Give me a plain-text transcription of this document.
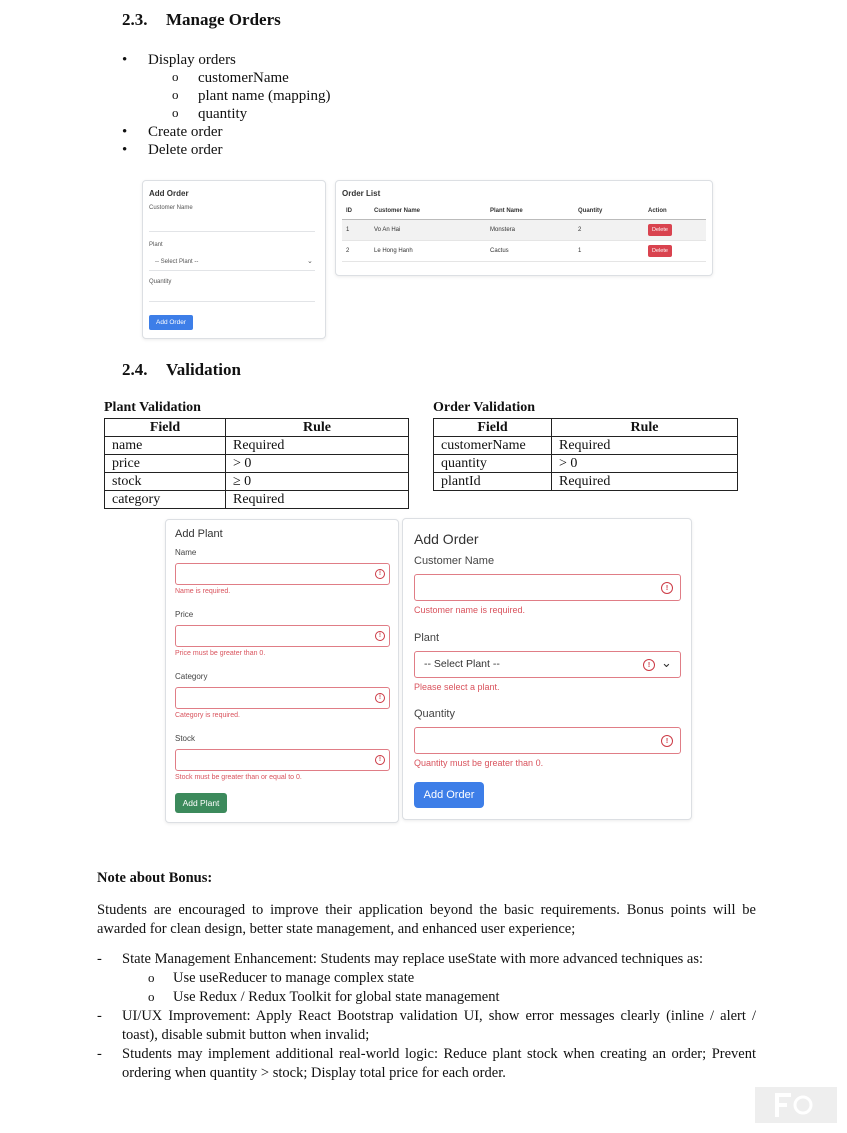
2.3. Manage Orders
• Display orders
o customerName
o plant name (mapping)
o quantity
• Create order
• Delete order
Add Order
Customer Name
Plant
-- Select Plant --	⌄
Quantity
Add Order
Order List
ID	Customer Name	Plant Name	Quantity	Action
1	Vo An Hai	Monstera	2	Delete

2	Le Hong Hanh	Cactus	1	Delete
2.4. Validation
Plant Validation
Field	Rule
name	Required
price	> 0
stock	≥ 0
category	Required
Order Validation
Field	Rule
customerName	Required
quantity	> 0
plantId	Required
Add Plant
Name
!
Name is required.
Price
!
Price must be greater than 0.
Category
!
Category is required.
Stock
!
Stock must be greater than or equal to 0.
Add Plant
Add Order
Customer Name
!
Customer name is required.
Plant
-- Select Plant --	! ⌄
Please select a plant.
Quantity
!
Quantity must be greater than 0.
Add Order
Note about Bonus:
Students are encouraged to improve their application beyond the basic requirements. Bonus points will be awarded for clean design, better state management, and enhanced user experience;
- State Management Enhancement: Students may replace useState with more advanced techniques as:
o Use useReducer to manage complex state
o Use Redux / Redux Toolkit for global state management
- UI/UX Improvement: Apply React Bootstrap validation UI, show error messages clearly (inline / alert / toast), disable submit button when invalid;
- Students may implement additional real-world logic: Reduce plant stock when creating an order; Prevent ordering when quantity > stock; Display total price for each order.
